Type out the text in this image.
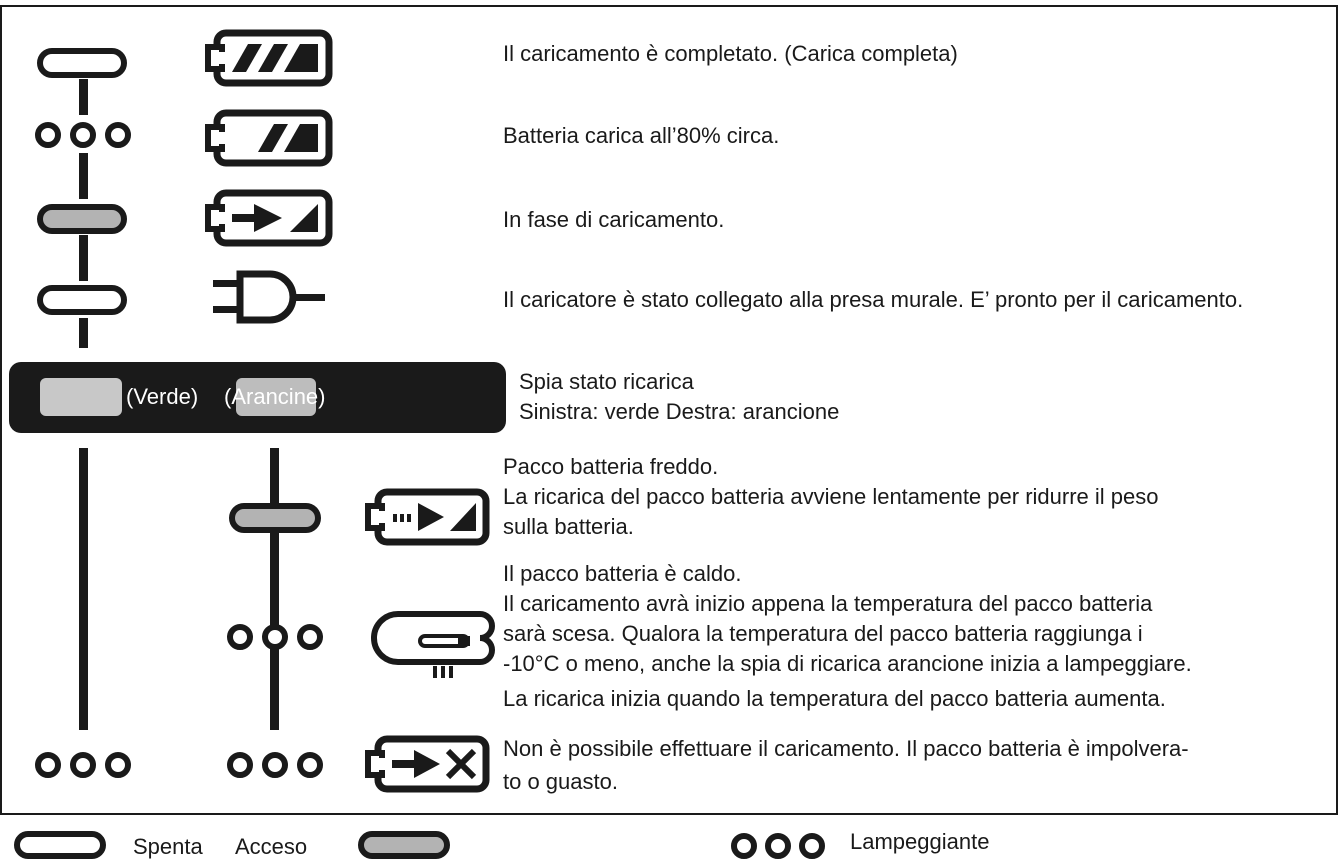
Il caricamento è completato. (Carica completa)
Batteria carica all’80% circa.
In fase di caricamento.
Il caricatore è stato collegato alla presa murale. E’ pronto per il caricamento.
(Verde) (Arancine)
Spia stato ricarica
Sinistra: verde Destra: arancione
Pacco batteria freddo.
La ricarica del pacco batteria avviene lentamente per ridurre il peso
sulla batteria.
Il pacco batteria è caldo.
Il caricamento avrà inizio appena la temperatura del pacco batteria
sarà scesa. Qualora la temperatura del pacco batteria raggiunga i
-10°C o meno, anche la spia di ricarica arancione inizia a lampeggiare.
La ricarica inizia quando la temperatura del pacco batteria aumenta.
Non è possibile effettuare il caricamento. Il pacco batteria è impolvera-
to o guasto.
Spenta Acceso	Lampeggiante
